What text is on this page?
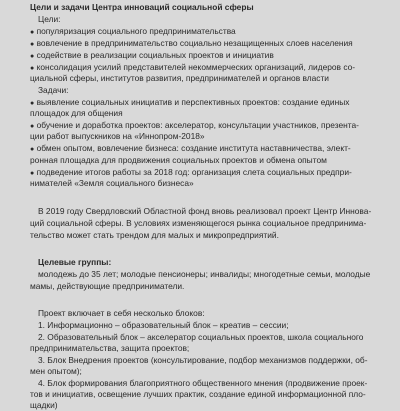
Цели и задачи Центра инноваций социальной сферы
Цели:
● популяризация социального предпринимательства
● вовлечение в предпринимательство социально незащищенных слоев населения
● содействие в реализации социальных проектов и инициатив
● консолидация усилий представителей некоммерческих организаций, лидеров со-
циальной сферы, институтов развития, предпринимателей и органов власти
Задачи:
● выявление социальных инициатив и перспективных проектов: создание единых
площадок для общения
● обучение и доработка проектов: акселератор, консультации участников, презента-
ции работ выпускников на «Иннопром-2018»
● обмен опытом, вовлечение бизнеса: создание института наставничества, элект-
ронная площадка для продвижения социальных проектов и обмена опытом
● подведение итогов работы за 2018 год: организация слета социальных предпри-
нимателей «Земля социального бизнеса»
В 2019 году Свердловский Областной фонд вновь реализовал проект Центр Иннова-
ций социальной сферы. В условиях изменяющегося рынка социальное предпринима-
тельство может стать трендом для малых и микропредприятий.
Целевые группы:
молодежь до 35 лет; молодые пенсионеры; инвалиды; многодетные семьи, молодые
мамы, действующие предприниматели.
Проект включает в себя несколько блоков:
1. Информационно – образовательный блок – креатив – сессии;
2. Образовательный блок – акселератор социальных проектов, школа социального
предпринимательства, защита проектов;
3. Блок Внедрения проектов (консультирование, подбор механизмов поддержки, об-
мен опытом);
4. Блок формирования благоприятного общественного мнения (продвижение проек-
тов и инициатив, освещение лучших практик, создание единой информационной пло-
щадки)
